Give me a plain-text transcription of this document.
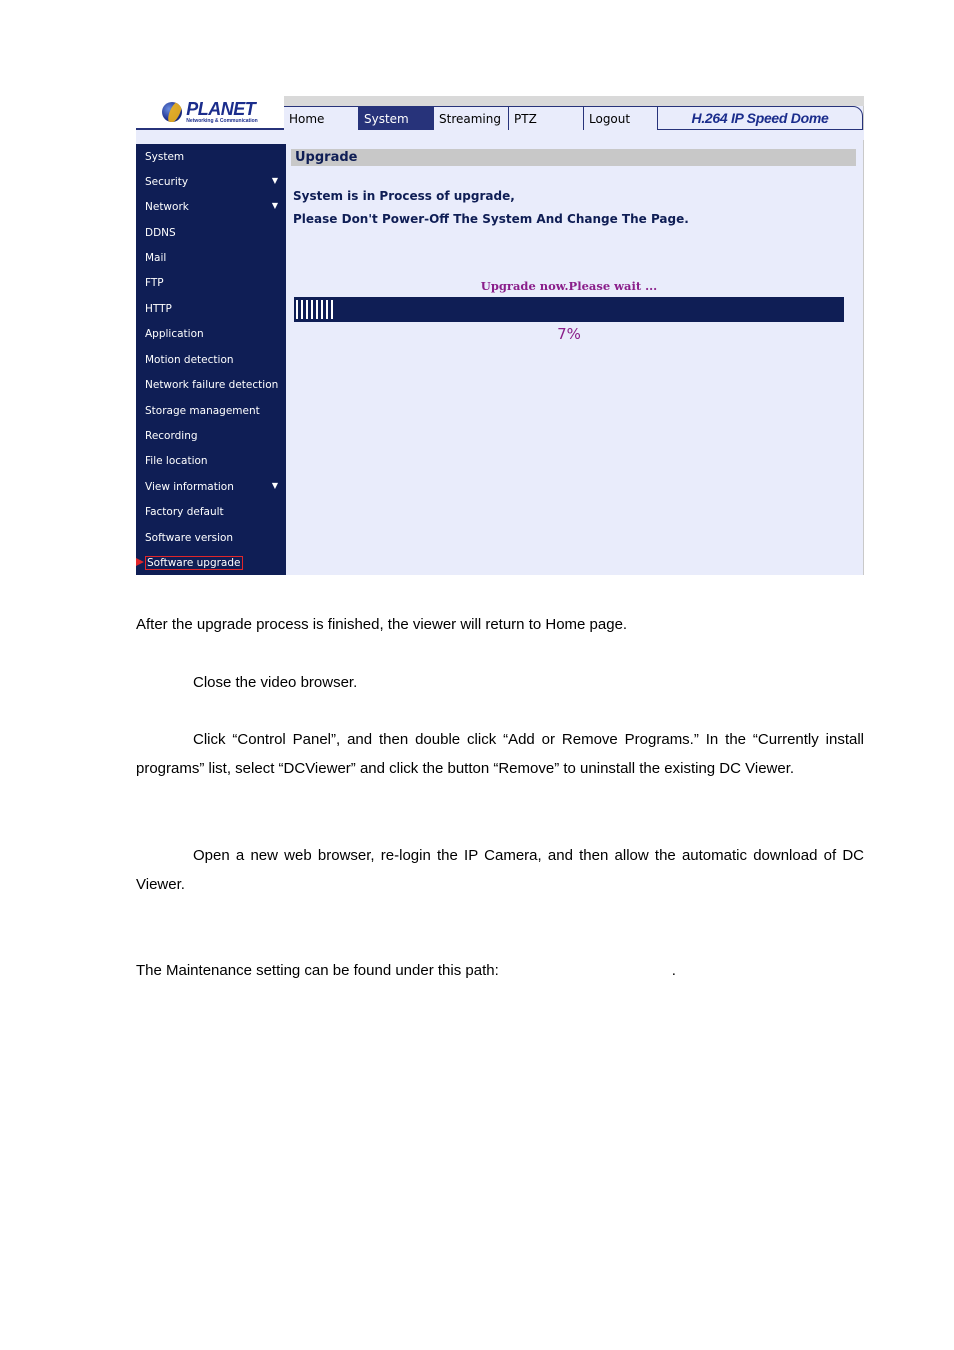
PLANET
Networking & Communication	Home	System	Streaming PTZ	Logout	H.264 IP Speed Dome
System
Security	▼
Network	▼
DDNS
Mail
FTP
HTTP
Application
Motion detection
Network failure detection
Storage management
Recording
File location
View information	▼
Factory default
Software version
Software upgrade
Upgrade
System is in Process of upgrade,
Please Don't Power-Off The System And Change The Page.
Upgrade now.Please wait ...
7%
After the upgrade process is finished, the viewer will return to Home page.
Close the video browser.
Click “Control Panel”, and then double click “Add or Remove Programs.” In the “Currently install programs” list, select “DCViewer” and click the button “Remove” to uninstall the existing DC Viewer.
Open a new web browser, re-login the IP Camera, and then allow the automatic download of DC Viewer.
The Maintenance setting can be found under this path:	.
